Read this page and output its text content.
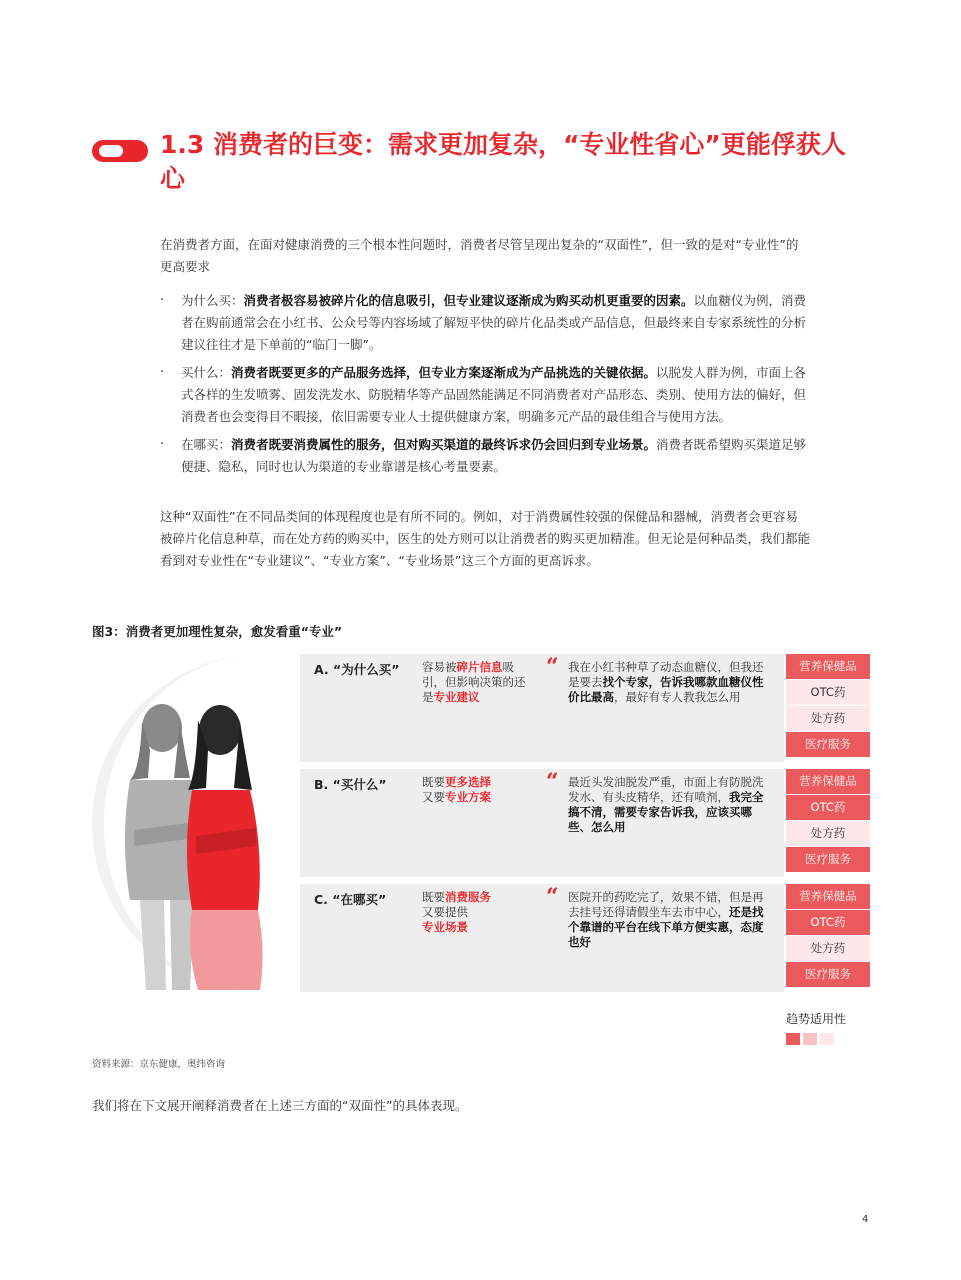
1.3 消费者的巨变：需求更加复杂，“专业性省心”更能俘获人心
在消费者方面，在面对健康消费的三个根本性问题时，消费者尽管呈现出复杂的“双面性”，但一致的是对“专业性”的更高要求
· 为什么买：消费者极容易被碎片化的信息吸引，但专业建议逐渐成为购买动机更重要的因素。以血糖仪为例，消费者在购前通常会在小红书、公众号等内容场域了解短平快的碎片化品类或产品信息，但最终来自专家系统性的分析建议往往才是下单前的“临门一脚”。
· 买什么：消费者既要更多的产品服务选择，但专业方案逐渐成为产品挑选的关键依据。以脱发人群为例，市面上各式各样的生发喷雾、固发洗发水、防脱精华等产品固然能满足不同消费者对产品形态、类别、使用方法的偏好，但消费者也会变得目不暇接，依旧需要专业人士提供健康方案，明确多元产品的最佳组合与使用方法。
· 在哪买：消费者既要消费属性的服务，但对购买渠道的最终诉求仍会回归到专业场景。消费者既希望购买渠道足够便捷、隐私，同时也认为渠道的专业靠谱是核心考量要素。
这种“双面性”在不同品类间的体现程度也是有所不同的。例如，对于消费属性较强的保健品和器械，消费者会更容易被碎片化信息种草，而在处方药的购买中，医生的处方则可以让消费者的购买更加精准。但无论是何种品类，我们都能看到对专业性在“专业建议”、“专业方案”、“专业场景”这三个方面的更高诉求。
图3：消费者更加理性复杂，愈发看重“专业”
A. “为什么买” 容易被碎片信息吸引，但影响决策的还是专业建议
“ 我在小红书种草了动态血糖仪，但我还是要去找个专家，告诉我哪款血糖仪性价比最高，最好有专人教我怎么用
营养保健品
OTC药
处方药
医疗服务
B. “买什么”	既要更多选择
又要专业方案
“ 最近头发油脱发严重，市面上有防脱洗发水、有头皮精华，还有喷剂，我完全搞不清，需要专家告诉我，应该买哪些、怎么用
营养保健品
OTC药
处方药
医疗服务
C. “在哪买”	既要消费服务
又要提供
专业场景
“ 医院开的药吃完了，效果不错，但是再去挂号还得请假坐车去市中心，还是找个靠谱的平台在线下单方便实惠，态度也好
营养保健品
OTC药
处方药
医疗服务
趋势适用性
资料来源：京东健康，奥纬咨询
我们将在下文展开阐释消费者在上述三方面的“双面性”的具体表现。
4
